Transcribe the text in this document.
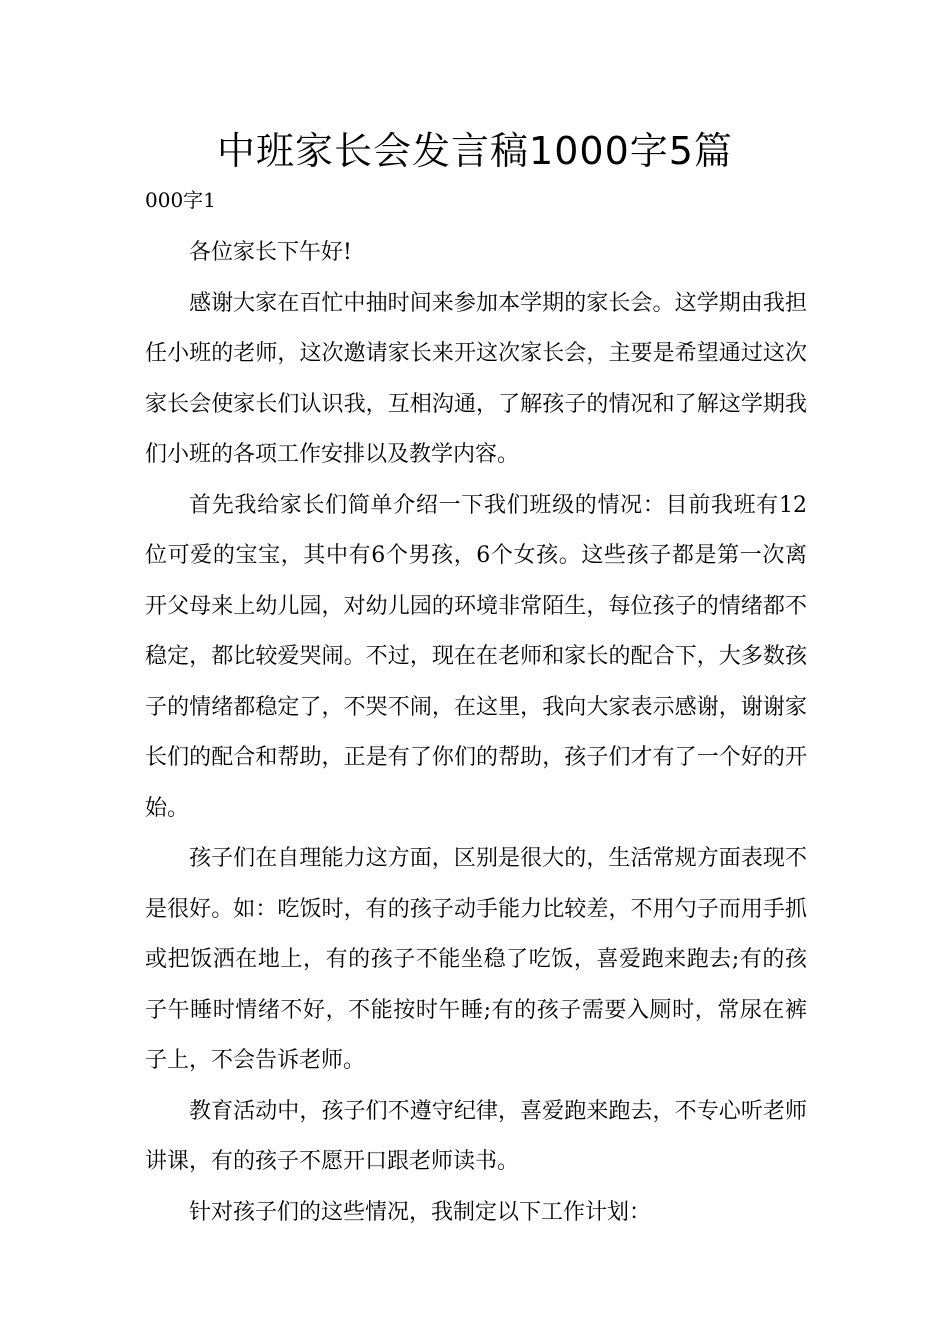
中班家长会发言稿1000字5篇
000字1

各位家长下午好!

感谢大家在百忙中抽时间来参加本学期的家长会。这学期由我担任小班的老师，这次邀请家长来开这次家长会，主要是希望通过这次家长会使家长们认识我，互相沟通，了解孩子的情况和了解这学期我们小班的各项工作安排以及教学内容。

首先我给家长们简单介绍一下我们班级的情况：目前我班有12位可爱的宝宝，其中有6个男孩，6个女孩。这些孩子都是第一次离开父母来上幼儿园，对幼儿园的环境非常陌生，每位孩子的情绪都不稳定，都比较爱哭闹。不过，现在在老师和家长的配合下，大多数孩子的情绪都稳定了，不哭不闹，在这里，我向大家表示感谢，谢谢家长们的配合和帮助，正是有了你们的帮助，孩子们才有了一个好的开始。

孩子们在自理能力这方面，区别是很大的，生活常规方面表现不是很好。如：吃饭时，有的孩子动手能力比较差，不用勺子而用手抓或把饭洒在地上，有的孩子不能坐稳了吃饭，喜爱跑来跑去;有的孩子午睡时情绪不好，不能按时午睡;有的孩子需要入厕时，常尿在裤子上，不会告诉老师。

教育活动中，孩子们不遵守纪律，喜爱跑来跑去，不专心听老师讲课，有的孩子不愿开口跟老师读书。

针对孩子们的这些情况，我制定以下工作计划：
